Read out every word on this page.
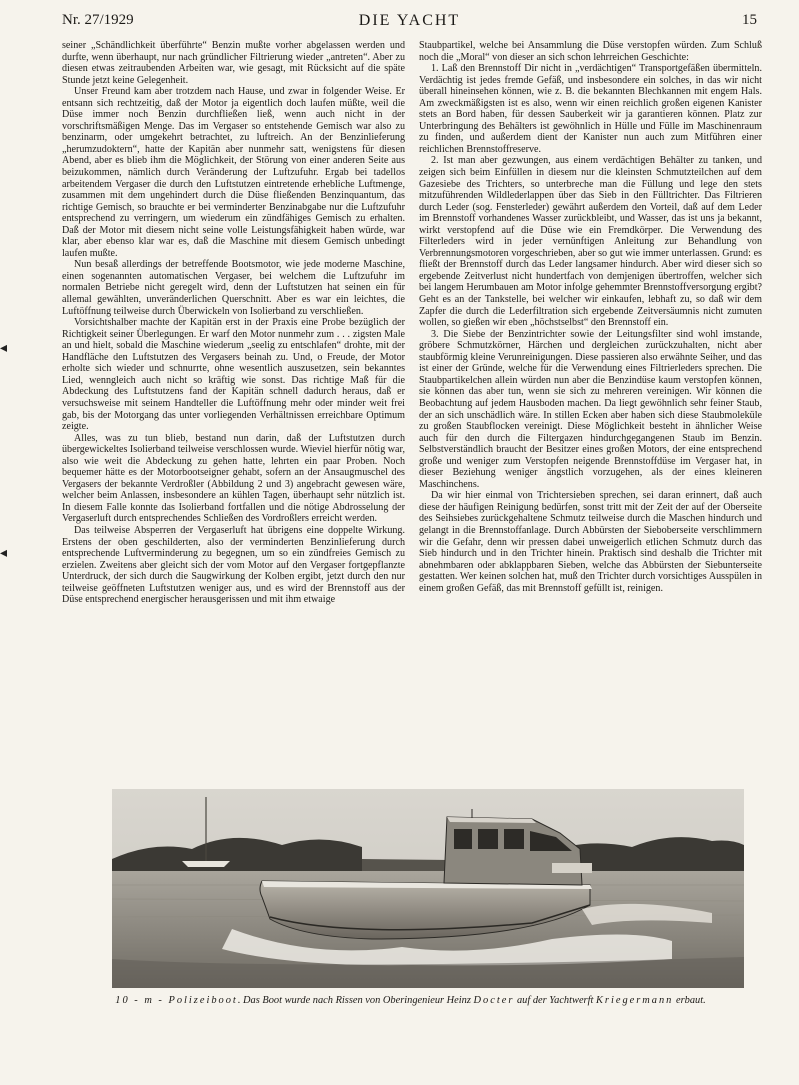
Nr. 27/1929	DIE YACHT	15
◂
◂

seiner „Schändlichkeit überführte“ Benzin mußte vorher abgelassen werden und durfte, wenn überhaupt, nur nach gründlicher Filtrierung wieder „antreten“. Aber zu diesen etwas zeitraubenden Arbeiten war, wie gesagt, mit Rücksicht auf die späte Stunde jetzt keine Gelegenheit.

Unser Freund kam aber trotzdem nach Hause, und zwar in folgender Weise. Er entsann sich rechtzeitig, daß der Motor ja eigentlich doch laufen müßte, weil die Düse immer noch Benzin durchfließen ließ, wenn auch nicht in der vorschriftsmäßigen Menge. Das im Vergaser so entstehende Gemisch war also zu benzinarm, oder umgekehrt betrachtet, zu luftreich. An der Benzinlieferung „herumzudoktern“, hatte der Kapitän aber nunmehr satt, wenigstens für diesen Abend, aber es blieb ihm die Möglichkeit, der Störung von einer anderen Seite aus beizukommen, nämlich durch Veränderung der Luftzufuhr. Ergab bei tadellos arbeitendem Vergaser die durch den Luftstutzen eintretende erhebliche Luftmenge, zusammen mit dem ungehindert durch die Düse fließenden Benzinquantum, das richtige Gemisch, so brauchte er bei verminderter Benzinabgabe nur die Luftzufuhr entsprechend zu verringern, um wiederum ein zündfähiges Gemisch zu erhalten. Daß der Motor mit diesem nicht seine volle Leistungsfähigkeit haben würde, war klar, aber ebenso klar war es, daß die Maschine mit diesem Gemisch unbedingt laufen mußte.

Nun besaß allerdings der betreffende Bootsmotor, wie jede moderne Maschine, einen sogenannten automatischen Vergaser, bei welchem die Luftzufuhr im normalen Betriebe nicht geregelt wird, denn der Luftstutzen hat seinen ein für allemal gewählten, unveränderlichen Querschnitt. Aber es war ein leichtes, die Luftöffnung teilweise durch Überwickeln von Isolierband zu verschließen.

Vorsichtshalber machte der Kapitän erst in der Praxis eine Probe bezüglich der Richtigkeit seiner Überlegungen. Er warf den Motor nunmehr zum . . . zigsten Male an und hielt, sobald die Maschine wiederum „seelig zu entschlafen“ drohte, mit der Handfläche den Luftstutzen des Vergasers beinah zu. Und, o Freude, der Motor erholte sich wieder und schnurrte, ohne wesentlich auszusetzen, sein bekanntes Lied, wenngleich auch nicht so kräftig wie sonst. Das richtige Maß für die Abdeckung des Luftstutzens fand der Kapitän schnell dadurch heraus, daß er versuchsweise mit seinem Handteller die Luftöffnung mehr oder minder weit frei gab, bis der Motorgang das unter vorliegenden Verhältnissen erreichbare Optimum zeigte.

Alles, was zu tun blieb, bestand nun darin, daß der Luftstutzen durch übergewickeltes Isolierband teilweise verschlossen wurde. Wieviel hierfür nötig war, also wie weit die Abdeckung zu gehen hatte, lehrten ein paar Proben. Noch bequemer hätte es der Motorbootseigner gehabt, sofern an der Ansaugmuschel des Vergasers der bekannte Verdroßler (Abbildung 2 und 3) angebracht gewesen wäre, welcher beim Anlassen, insbesondere an kühlen Tagen, überhaupt sehr nützlich ist. In diesem Falle konnte das Isolierband fortfallen und die nötige Abdrosselung der Vergaserluft durch entsprechendes Schließen des Vordroßlers erreicht werden.

Das teilweise Absperren der Vergaserluft hat übrigens eine doppelte Wirkung. Erstens der oben geschilderten, also der verminderten Benzinlieferung durch entsprechende Luftverminderung zu begegnen, um so ein zündfreies Gemisch zu erzielen. Zweitens aber gleicht sich der vom Motor auf den Vergaser fortgepflanzte Unterdruck, der sich durch die Saugwirkung der Kolben ergibt, jetzt durch den nur teilweise geöffneten Luftstutzen weniger aus, und es wird der Brennstoff aus der Düse entsprechend energischer herausgerissen und mit ihm etwaige

Staubpartikel, welche bei Ansammlung die Düse verstopfen würden. Zum Schluß noch die „Moral“ von dieser an sich schon lehrreichen Geschichte:

1. Laß den Brennstoff Dir nicht in „verdächtigen“ Transportgefäßen übermitteln. Verdächtig ist jedes fremde Gefäß, und insbesondere ein solches, in das wir nicht überall hineinsehen können, wie z. B. die bekannten Blechkannen mit engem Hals. Am zweckmäßigsten ist es also, wenn wir einen reichlich großen eigenen Kanister stets an Bord haben, für dessen Sauberkeit wir ja garantieren können. Platz zur Unterbringung des Behälters ist gewöhnlich in Hülle und Fülle im Maschinenraum zu finden, und außerdem dient der Kanister nun auch zum Mitführen einer reichlichen Brennstoffreserve.

2. Ist man aber gezwungen, aus einem verdächtigen Behälter zu tanken, und zeigen sich beim Einfüllen in diesem nur die kleinsten Schmutzteilchen auf dem Gazesiebe des Trichters, so unterbreche man die Füllung und lege den stets mitzuführenden Wildlederlappen über das Sieb in den Fülltrichter. Das Filtrieren durch Leder (sog. Fensterleder) gewährt außerdem den Vorteil, daß auf dem Leder im Brennstoff vorhandenes Wasser zurückbleibt, und Wasser, das ist uns ja bekannt, wirkt verstopfend auf die Düse wie ein Fremdkörper. Die Verwendung des Filterleders wird in jeder vernünftigen Anleitung zur Behandlung von Verbrennungsmotoren vorgeschrieben, aber so gut wie immer unterlassen. Grund: es fließt der Brennstoff durch das Leder langsamer hindurch. Aber wird dieser sich so ergebende Zeitverlust nicht hundertfach von demjenigen übertroffen, welcher sich bei langem Herumbauen am Motor infolge gehemmter Brennstoffversorgung ergibt? Geht es an der Tankstelle, bei welcher wir einkaufen, lebhaft zu, so daß wir dem Zapfer die durch die Lederfiltration sich ergebende Zeitversäumnis nicht zumuten wollen, so gießen wir eben „höchstselbst“ den Brennstoff ein.

3. Die Siebe der Benzintrichter sowie der Leitungsfilter sind wohl imstande, gröbere Schmutzkörner, Härchen und dergleichen zurückzuhalten, nicht aber staubförmig kleine Verunreinigungen. Diese passieren also erwähnte Seiher, und das ist einer der Gründe, welche für die Verwendung eines Filtrierleders sprechen. Die Staubpartikelchen allein würden nun aber die Benzindüse kaum verstopfen können, sie können das aber tun, wenn sie sich zu mehreren vereinigen. Wir können die Beobachtung auf jedem Hausboden machen. Da liegt gewöhnlich sehr feiner Staub, der an sich unschädlich wäre. In stillen Ecken aber haben sich diese Staubmoleküle zu großen Staubflocken vereinigt. Diese Möglichkeit besteht in ähnlicher Weise auch für den durch die Filtergazen hindurchgegangenen Staub im Benzin. Selbstverständlich braucht der Besitzer eines großen Motors, der eine entsprechend große und weniger zum Verstopfen neigende Brennstoffdüse im Vergaser hat, in dieser Beziehung weniger ängstlich vorzugehen, als der eines kleineren Maschinchens.

Da wir hier einmal von Trichtersieben sprechen, sei daran erinnert, daß auch diese der häufigen Reinigung bedürfen, sonst tritt mit der Zeit der auf der Oberseite des Seihsiebes zurückgehaltene Schmutz teilweise durch die Maschen hindurch und gelangt in die Brennstoffanlage. Durch Abbürsten der Sieboberseite verschlimmern wir die Gefahr, denn wir pressen dabei unweigerlich etlichen Schmutz durch das Sieb hindurch und in den Trichter hinein. Praktisch sind deshalb die Trichter mit abnehmbaren oder abklappbaren Sieben, welche das Abbürsten der Siebunterseite gestatten. Wer keinen solchen hat, muß den Trichter durch vorsichtiges Ausspülen in einem großen Gefäß, das mit Brennstoff gefüllt ist, reinigen.

10 - m - Polizeiboot. Das Boot wurde nach Rissen von Oberingenieur Heinz Docter auf der Yachtwerft Kriegermann erbaut.
